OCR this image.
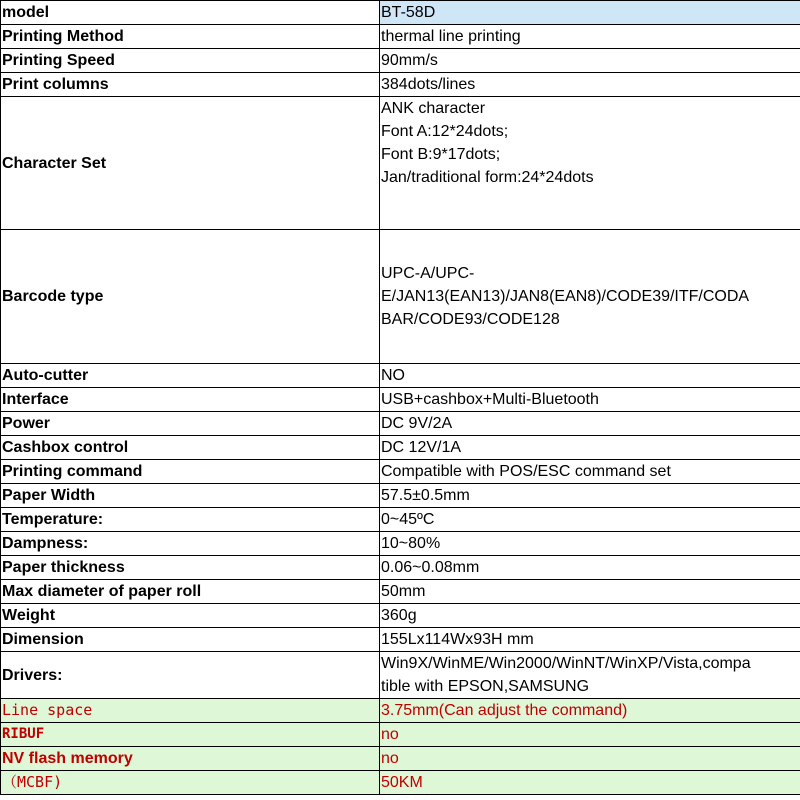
model	BT-58D
Printing Method	thermal line printing
Printing Speed	90mm/s
Print columns	384dots/lines
Character Set	ANK character
Font A:12*24dots;
Font B:9*17dots;
Jan/traditional form:24*24dots

Barcode type	UPC-A/UPC-
E/JAN13(EAN13)/JAN8(EAN8)/CODE39/ITF/CODA
BAR/CODE93/CODE128

Auto-cutter	NO
Interface	USB+cashbox+Multi-Bluetooth
Power	DC 9V/2A
Cashbox control	DC 12V/1A
Printing command	Compatible with POS/ESC command set
Paper Width	57.5±0.5mm
Temperature:	0~45ºC
Dampness:	10~80%
Paper thickness	0.06~0.08mm
Max diameter of paper roll	50mm
Weight	360g
Dimension	155Lx114Wx93H mm
Drivers:	Win9X/WinME/Win2000/WinNT/WinXP/Vista,compa
tible with EPSON,SAMSUNG

Line space	3.75mm(Can adjust the command)
RIBUF	no
NV flash memory	no
（MCBF)	50KM
